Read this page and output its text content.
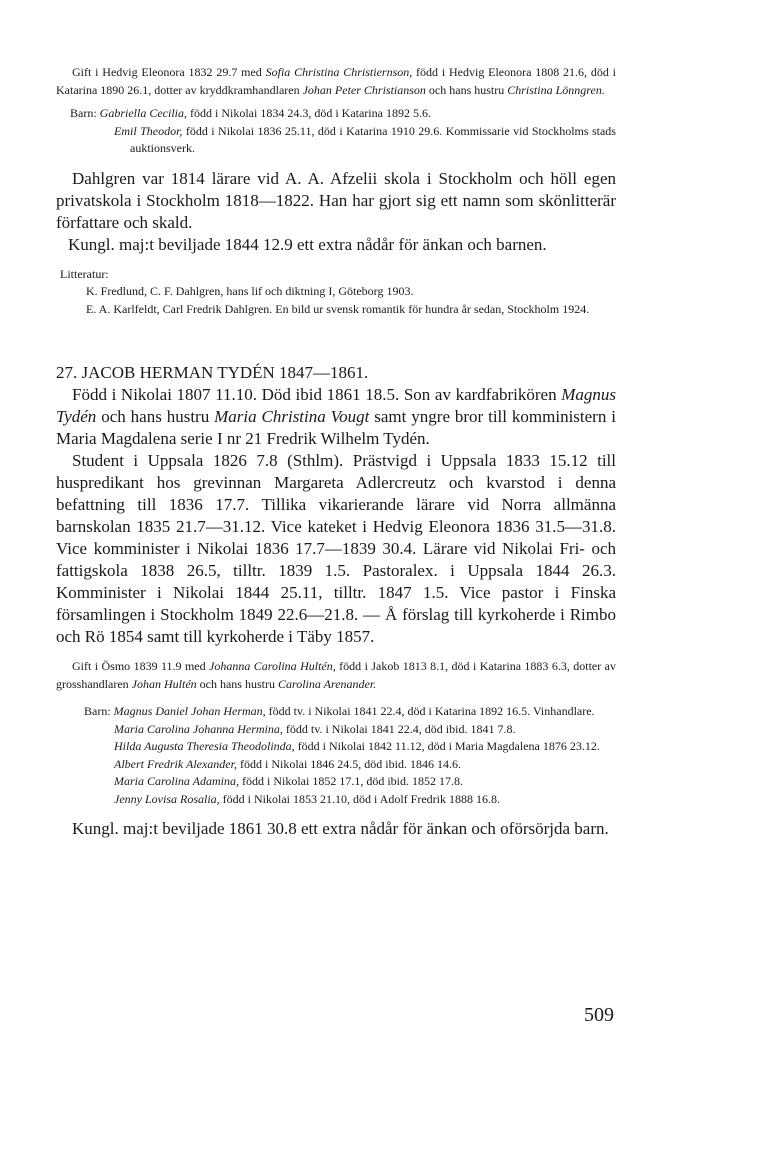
Gift i Hedvig Eleonora 1832 29.7 med Sofia Christina Christiernson, född i Hedvig Eleonora 1808 21.6, död i Katarina 1890 26.1, dotter av kryddkramhandlaren Johan Peter Christianson och hans hustru Christina Lönngren.

Barn: Gabriella Cecilia, född i Nikolai 1834 24.3, död i Katarina 1892 5.6.

Emil Theodor, född i Nikolai 1836 25.11, död i Katarina 1910 29.6. Kommissarie vid Stockholms stads auktionsverk.

Dahlgren var 1814 lärare vid A. A. Afzelii skola i Stockholm och höll egen privatskola i Stockholm 1818—1822. Han har gjort sig ett namn som skönlitterär författare och skald.

Kungl. maj:t beviljade 1844 12.9 ett extra nådår för änkan och barnen.

Litteratur:

K. Fredlund, C. F. Dahlgren, hans lif och diktning I, Göteborg 1903.

E. A. Karlfeldt, Carl Fredrik Dahlgren. En bild ur svensk romantik för hundra år sedan, Stockholm 1924.

27. JACOB HERMAN TYDÉN 1847—1861.

Född i Nikolai 1807 11.10. Död ibid 1861 18.5. Son av kardfabrikören Magnus Tydén och hans hustru Maria Christina Vougt samt yngre bror till komministern i Maria Magdalena serie I nr 21 Fredrik Wilhelm Tydén.

Student i Uppsala 1826 7.8 (Sthlm). Prästvigd i Uppsala 1833 15.12 till huspredikant hos grevinnan Margareta Adlercreutz och kvarstod i denna befattning till 1836 17.7. Tillika vikarierande lärare vid Norra allmänna barnskolan 1835 21.7—31.12. Vice kateket i Hedvig Eleonora 1836 31.5—31.8. Vice komminister i Nikolai 1836 17.7—1839 30.4. Lärare vid Nikolai Fri- och fattigskola 1838 26.5, tilltr. 1839 1.5. Pastoralex. i Uppsala 1844 26.3. Komminister i Nikolai 1844 25.11, tilltr. 1847 1.5. Vice pastor i Finska församlingen i Stockholm 1849 22.6—21.8. — Å förslag till kyrkoherde i Rimbo och Rö 1854 samt till kyrkoherde i Täby 1857.

Gift i Ösmo 1839 11.9 med Johanna Carolina Hultén, född i Jakob 1813 8.1, död i Katarina 1883 6.3, dotter av grosshandlaren Johan Hultén och hans hustru Carolina Arenander.

Barn: Magnus Daniel Johan Herman, född tv. i Nikolai 1841 22.4, död i Katarina 1892 16.5. Vinhandlare.

Maria Carolina Johanna Hermina, född tv. i Nikolai 1841 22.4, död ibid. 1841 7.8.

Hilda Augusta Theresia Theodolinda, född i Nikolai 1842 11.12, död i Maria Magdalena 1876 23.12.

Albert Fredrik Alexander, född i Nikolai 1846 24.5, död ibid. 1846 14.6.

Maria Carolina Adamina, född i Nikolai 1852 17.1, död ibid. 1852 17.8.

Jenny Lovisa Rosalia, född i Nikolai 1853 21.10, död i Adolf Fredrik 1888 16.8.

Kungl. maj:t beviljade 1861 30.8 ett extra nådår för änkan och oförsörjda barn.

509
